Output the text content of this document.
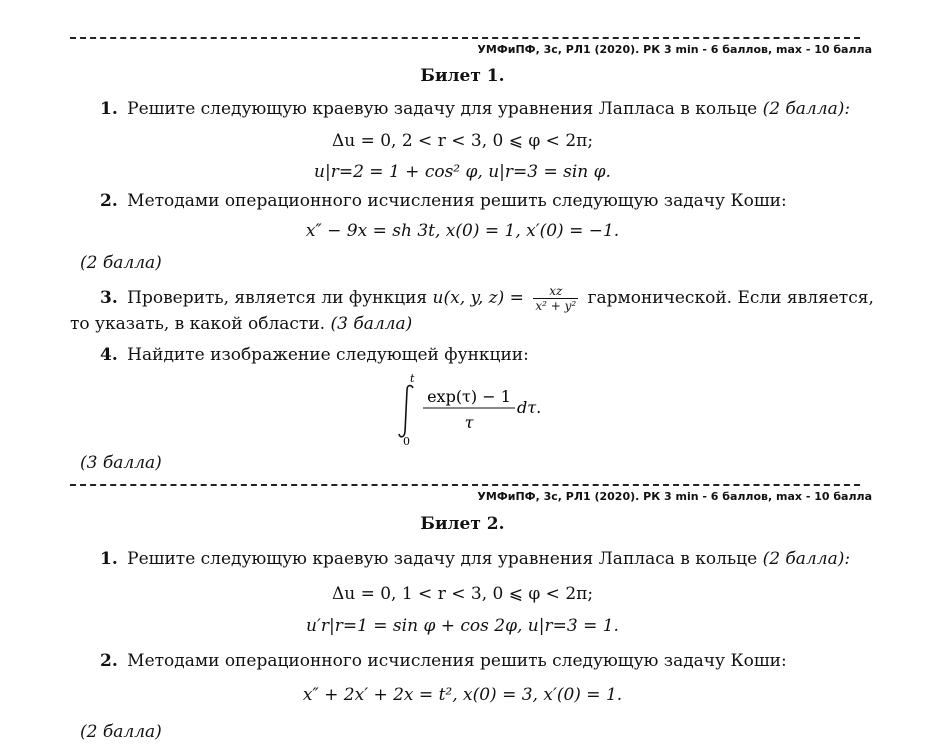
УМФиПФ, 3с, РЛ1 (2020). РК 3 min - 6 баллов, max - 10 балла
Билет 1.
1. Решите следующую краевую задачу для уравнения Лапласа в кольце (2 балла):
Δu = 0, 2 < r < 3, 0 ⩽ φ < 2π;
u|r=2 = 1 + cos² φ, u|r=3 = sin φ.
2. Методами операционного исчисления решить следующую задачу Коши:
x″ − 9x = sh 3t, x(0) = 1, x′(0) = −1.
(2 балла)
3. Проверить, является ли функция u(x, y, $z) = \frac{xz}{\text{x² + y²}}$ гармонической. Если является,
то указать, в какой области. (3 балла)
4. Найдите изображение следующей функции:
t
0
exp(τ) − 1
τ
dτ.
(3 балла)
УМФиПФ, 3с, РЛ1 (2020). РК 3 min - 6 баллов, max - 10 балла
Билет 2.
1. Решите следующую краевую задачу для уравнения Лапласа в кольце (2 балла):
Δu = 0, 1 < r < 3, 0 ⩽ φ < 2π;
u′r|r=1 = sin φ + cos 2φ, u|r=3 = 1.
2. Методами операционного исчисления решить следующую задачу Коши:
x″ + 2x′ + 2x = t², x(0) = 3, x′(0) = 1.
(2 балла)
